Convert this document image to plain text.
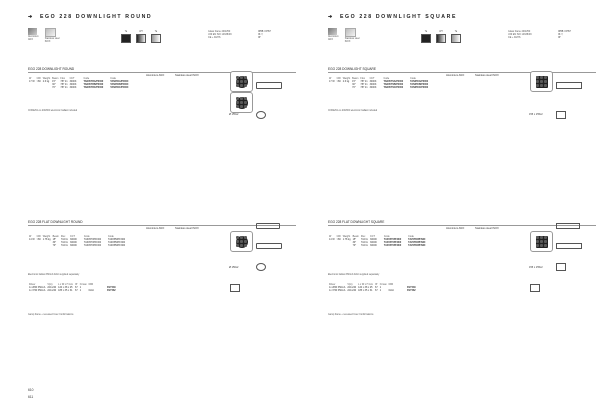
➔ EGO 228 DOWNLIGHT ROUND
Aluminium
ANO	Stainless steel
INOX
Ta	WT	Ta	Glass frame 400/250
UNI EN ISO 14638/09
CE + RoHS
IP68 / IP67
IK ▽
IP
EGO 228 DOWNLIGHT ROUND
Aluminium ANO	Stainless steel INOX
W	CRI	Weight	Beam	Flux	CCT	Code	Code
17 W	>80	2.6 kg	15°	787 lm	3000K	TAN057RA/P0000	TAN050A/P0000
			30°	787 lm	3000K	TAN057RB/P0000	TAN050B/P0000
			70°	787 lm	3000K	TAN057RC/P0000	TAN050C/P0000
CODE/Kit-no 200/000 electronic ballast included
Ø 155x2
EGO 228 FLAT DOWNLIGHT ROUND
Aluminium ANO	Stainless steel INOX
W	CRI	Weight	Beam	Flux	CCT	Code	Code
14 W	>80	1.78 kg	15°	744 lm	3000K	TAZ0570PFN00	TAZ0550PFN00
			30°	744 lm	3000K	TAZ0570PFN00	TAZ0550PFN00
			70°	744 lm	3000K	TAZ0570PFN00	TAZ0550PFN00
Electronic ballast 350mA DALI supplied separately
Driver	V(in)	L x W x H mm	IP	N.max	DIM	
1x 28W 350mA	220-240	120 x 38 x 25	67	1		DV7409
1x 37W 350mA	220-240	185 x 35 x 31	67	1	DALI	DV7482
Gamp frame + recessed Inner Confirmations
Ø 156x2
610
➔ EGO 228 DOWNLIGHT SQUARE
Aluminium
ANO	Stainless steel
INOX
Ta	WT	Ta	Glass frame 400/250
UNI EN ISO 14638/09
CE + RoHS
IP68 / IP67
IK ▽
IP
EGO 228 DOWNLIGHT SQUARE
Aluminium ANO	Stainless steel INOX
W	CRI	Weight	Beam	Flux	CCT	Code	Code
17 W	>80	2.6 kg	15°	787 lm	3000K	TAN057SA/P0000	TAN055A/P0000
			30°	787 lm	3000K	TAN057SB/P0000	TAN055B/P0000
			70°	787 lm	3000K	TAN057SC/P0000	TAN055C/P0000
CODE/Kit-no 200/000 electronic ballast included
155 x 155x2
EGO 228 FLAT DOWNLIGHT SQUARE
Aluminium ANO	Stainless steel INOX
W	CRI	Weight	Beam	Flux	CCT	Code	Code
14 W	>80	1.78 kg	15°	744 lm	3000K	TAZ0570PFN00	TAZ0550PFN00
			30°	744 lm	3000K	TAZ0570PFN00	TAZ0550PFN00
			70°	744 lm	3000K	TAZ0570PFN00	TAZ0550PFN00
Electronic ballast 350mA DALI supplied separately
Driver	V(in)	L x W x H mm	IP	N.max	DIM	
1x 28W 350mA	220-240	120 x 38 x 25	67	1		DV7409
1x 37W 350mA	220-240	185 x 35 x 31	67	1	DALI	DV7482
Gamp frame + recessed Inner Confirmations
155 x 155x2
611
